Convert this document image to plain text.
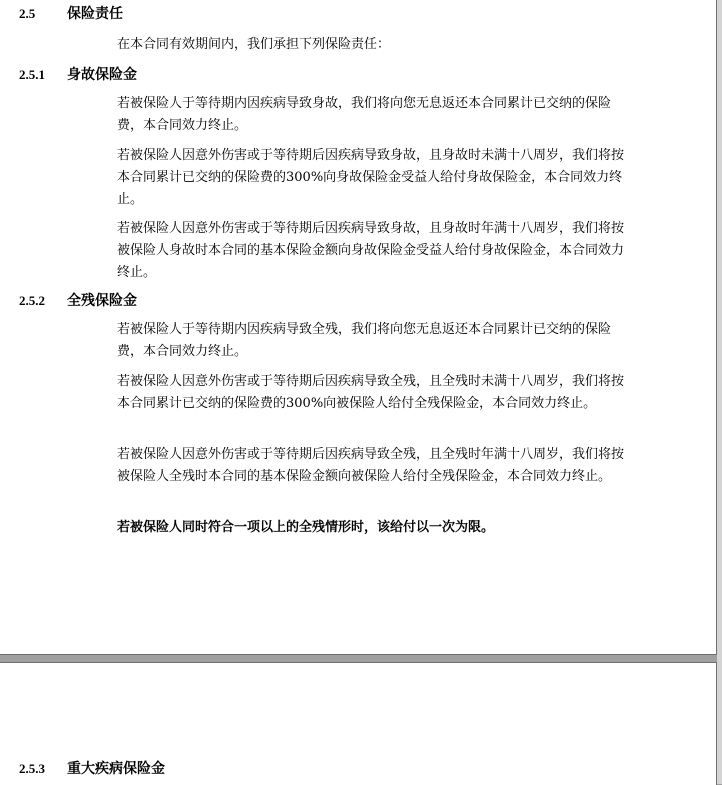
2.5 保险责任

在本合同有效期间内，我们承担下列保险责任：

2.5.1 身故保险金

若被保险人于等待期内因疾病导致身故，我们将向您无息返还本合同累计已交纳的保险费，本合同效力终止。

若被保险人因意外伤害或于等待期后因疾病导致身故，且身故时未满十八周岁，我们将按本合同累计已交纳的保险费的300%向身故保险金受益人给付身故保险金，本合同效力终止。

若被保险人因意外伤害或于等待期后因疾病导致身故，且身故时年满十八周岁，我们将按被保险人身故时本合同的基本保险金额向身故保险金受益人给付身故保险金，本合同效力终止。

2.5.2 全残保险金

若被保险人于等待期内因疾病导致全残，我们将向您无息返还本合同累计已交纳的保险费，本合同效力终止。

若被保险人因意外伤害或于等待期后因疾病导致全残，且全残时未满十八周岁，我们将按本合同累计已交纳的保险费的300%向被保险人给付全残保险金，本合同效力终止。

若被保险人因意外伤害或于等待期后因疾病导致全残，且全残时年满十八周岁，我们将按被保险人全残时本合同的基本保险金额向被保险人给付全残保险金，本合同效力终止。

若被保险人同时符合一项以上的全残情形时，该给付以一次为限。

2.5.3 重大疾病保险金
